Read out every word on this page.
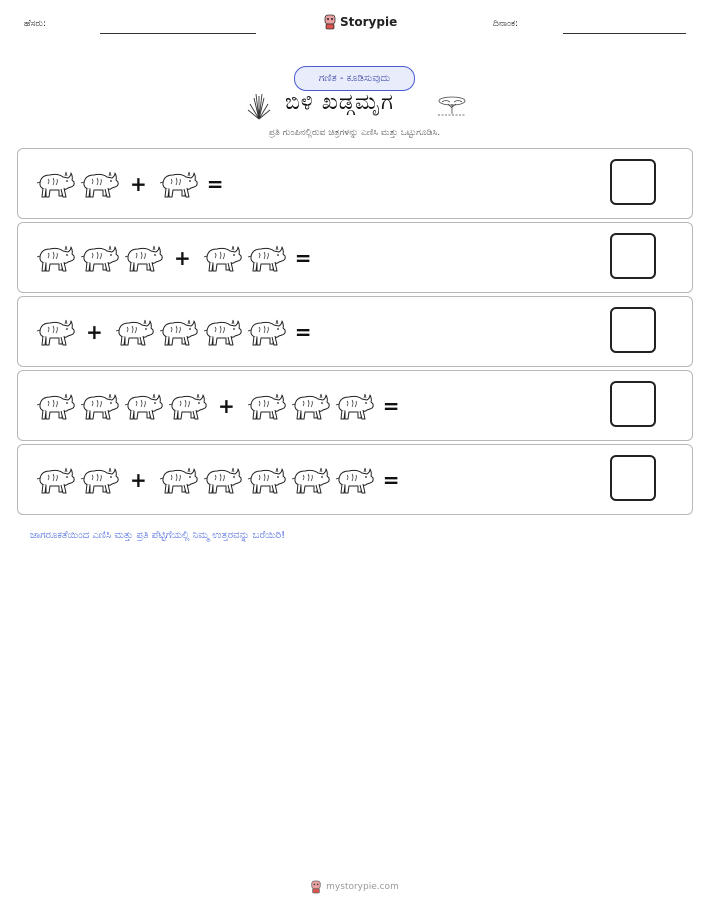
ಹೆಸರು:	Storypie	ದಿನಾಂಕ:
ಗಣಿತ - ಕೂಡಿಸುವುದು
ಬಿಳಿ ಖಡ್ಗಮೃಗ
ಪ್ರತಿ ಗುಂಪಿನಲ್ಲಿರುವ ಚಿತ್ರಗಳನ್ನು ಎಣಿಸಿ ಮತ್ತು ಒಟ್ಟುಗೂಡಿಸಿ.
+	=
+	=
+	=
+	=
+	=
ಜಾಗರೂಕತೆಯಿಂದ ಎಣಿಸಿ ಮತ್ತು ಪ್ರತಿ ಪೆಟ್ಟಿಗೆಯಲ್ಲಿ ನಿಮ್ಮ ಉತ್ತರವನ್ನು ಬರೆಯಿರಿ!
mystorypie.com
